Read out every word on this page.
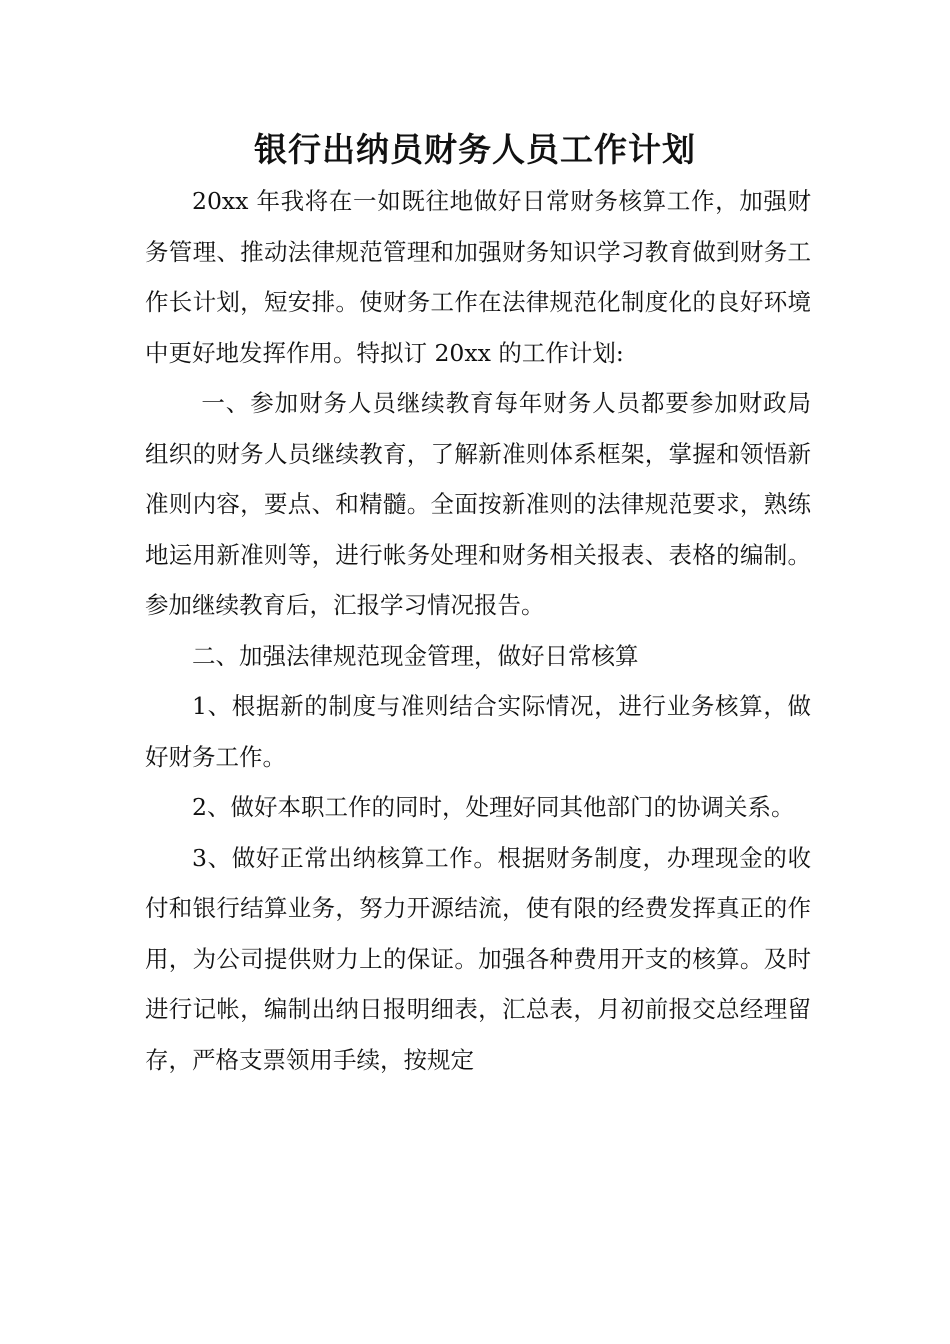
银行出纳员财务人员工作计划

20xx 年我将在一如既往地做好日常财务核算工作，加强财务管理、推动法律规范管理和加强财务知识学习教育做到财务工作长计划，短安排。使财务工作在法律规范化制度化的良好环境中更好地发挥作用。特拟订 20xx 的工作计划:

一、参加财务人员继续教育每年财务人员都要参加财政局组织的财务人员继续教育，了解新准则体系框架，掌握和领悟新准则内容，要点、和精髓。全面按新准则的法律规范要求，熟练地运用新准则等，进行帐务处理和财务相关报表、表格的编制。参加继续教育后，汇报学习情况报告。

二、加强法律规范现金管理，做好日常核算

1、根据新的制度与准则结合实际情况，进行业务核算，做好财务工作。

2、做好本职工作的同时，处理好同其他部门的协调关系。

3、做好正常出纳核算工作。根据财务制度，办理现金的收付和银行结算业务，努力开源结流，使有限的经费发挥真正的作用，为公司提供财力上的保证。加强各种费用开支的核算。及时进行记帐，编制出纳日报明细表，汇总表，月初前报交总经理留存，严格支票领用手续，按规定
